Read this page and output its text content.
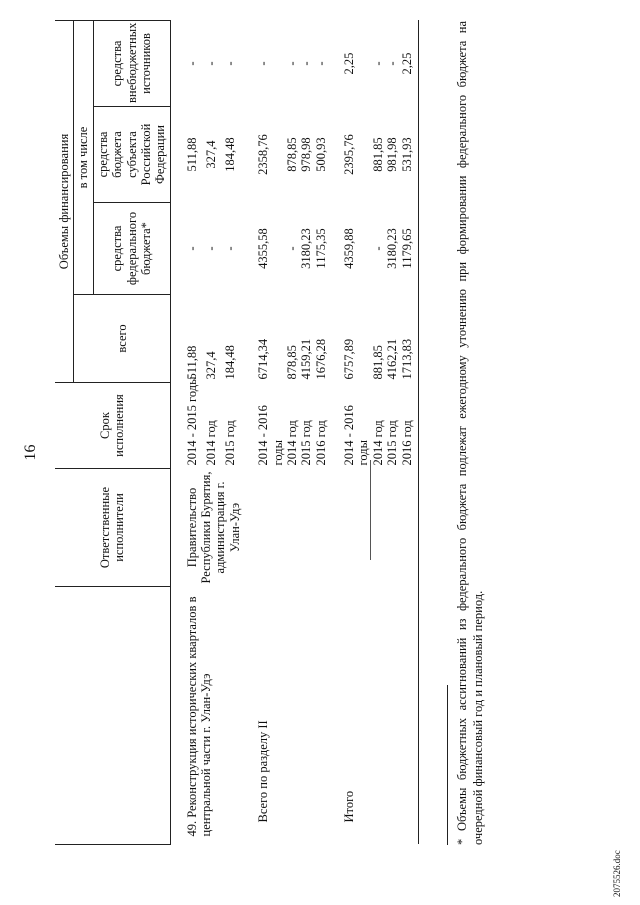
16
	Ответственные исполнители	Срок исполнения	Объемы финансирования			
			всего	в том числе		
				средства федерального бюджета*	средства бюджета субъекта Российской Федерации	средства внебюджетных источников

49. Реконструкция исторических кварталов в центральной части г. Улан-Удэ	Правительство Республики Бурятия, администрация г. Улан-Удэ	2014 - 2015 годы	511,88	-	511,88	-
		2014 год	327,4	-	327,4	-
		2015 год	184,48	-	184,48	-

Всего по разделу II		2014 - 2016 годы	6714,34	4355,58	2358,76	-
		2014 год	878,85	-	878,85	-
		2015 год	4159,21	3180,23	978,98	-
		2016 год	1676,28	1175,35	500,93	-

Итого		2014 - 2016 годы	6757,89	4359,88	2395,76	2,25
		2014 год	881,85	-	881,85	-
		2015 год	4162,21	3180,23	981,98	-
		2016 год	1713,83	1179,65	531,93	2,25
*Объемы бюджетных ассигнований из федерального бюджета подлежат ежегодному уточнению при формировании федерального бюджета на очередной финансовый год и плановый период.
2075526.doc
